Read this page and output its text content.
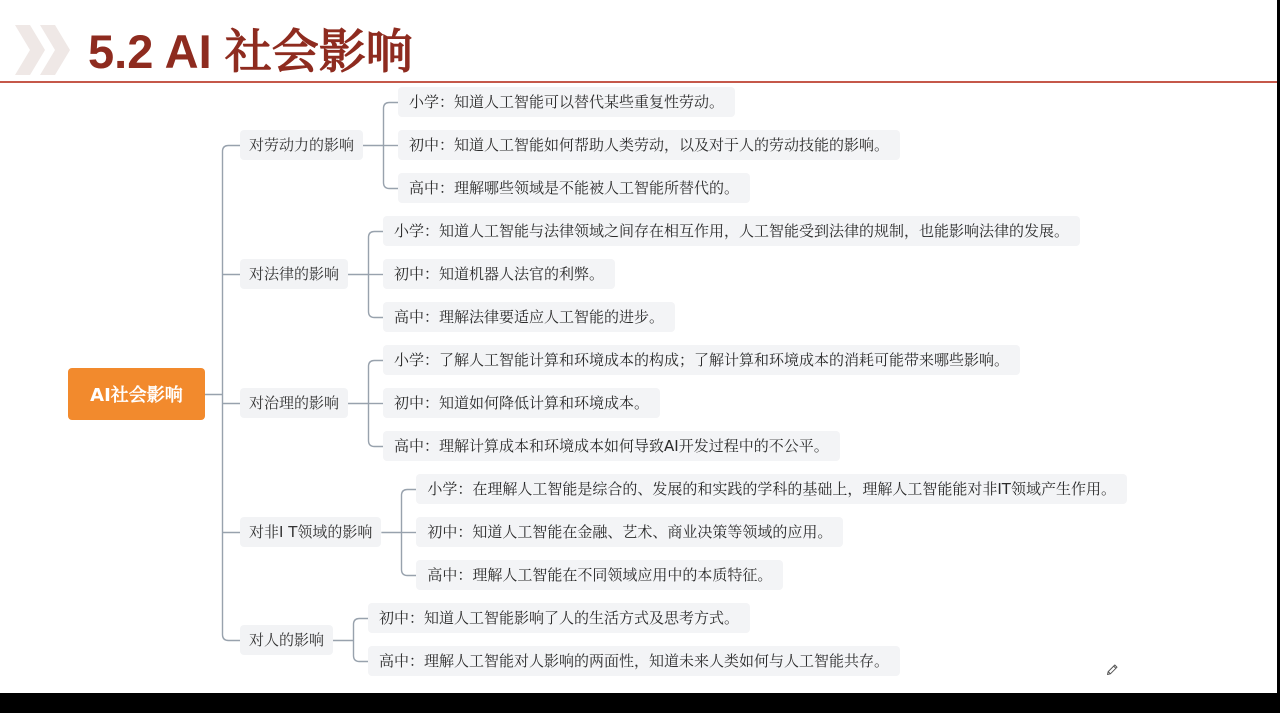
5.2 AI 社会影响
AI社会影响
对劳动力的影响
小学：知道人工智能可以替代某些重复性劳动。
初中：知道人工智能如何帮助人类劳动，以及对于人的劳动技能的影响。
高中：理解哪些领域是不能被人工智能所替代的。
对法律的影响
小学：知道人工智能与法律领域之间存在相互作用，人工智能受到法律的规制，也能影响法律的发展。
初中：知道机器人法官的利弊。
高中：理解法律要适应人工智能的进步。
对治理的影响
小学：了解人工智能计算和环境成本的构成；了解计算和环境成本的消耗可能带来哪些影响。
初中：知道如何降低计算和环境成本。
高中：理解计算成本和环境成本如何导致AI开发过程中的不公平。
对非I T领域的影响
小学：在理解人工智能是综合的、发展的和实践的学科的基础上，理解人工智能能对非IT领域产生作用。
初中：知道人工智能在金融、艺术、商业决策等领域的应用。
高中：理解人工智能在不同领域应用中的本质特征。
对人的影响
初中：知道人工智能影响了人的生活方式及思考方式。
高中：理解人工智能对人影响的两面性，知道未来人类如何与人工智能共存。
